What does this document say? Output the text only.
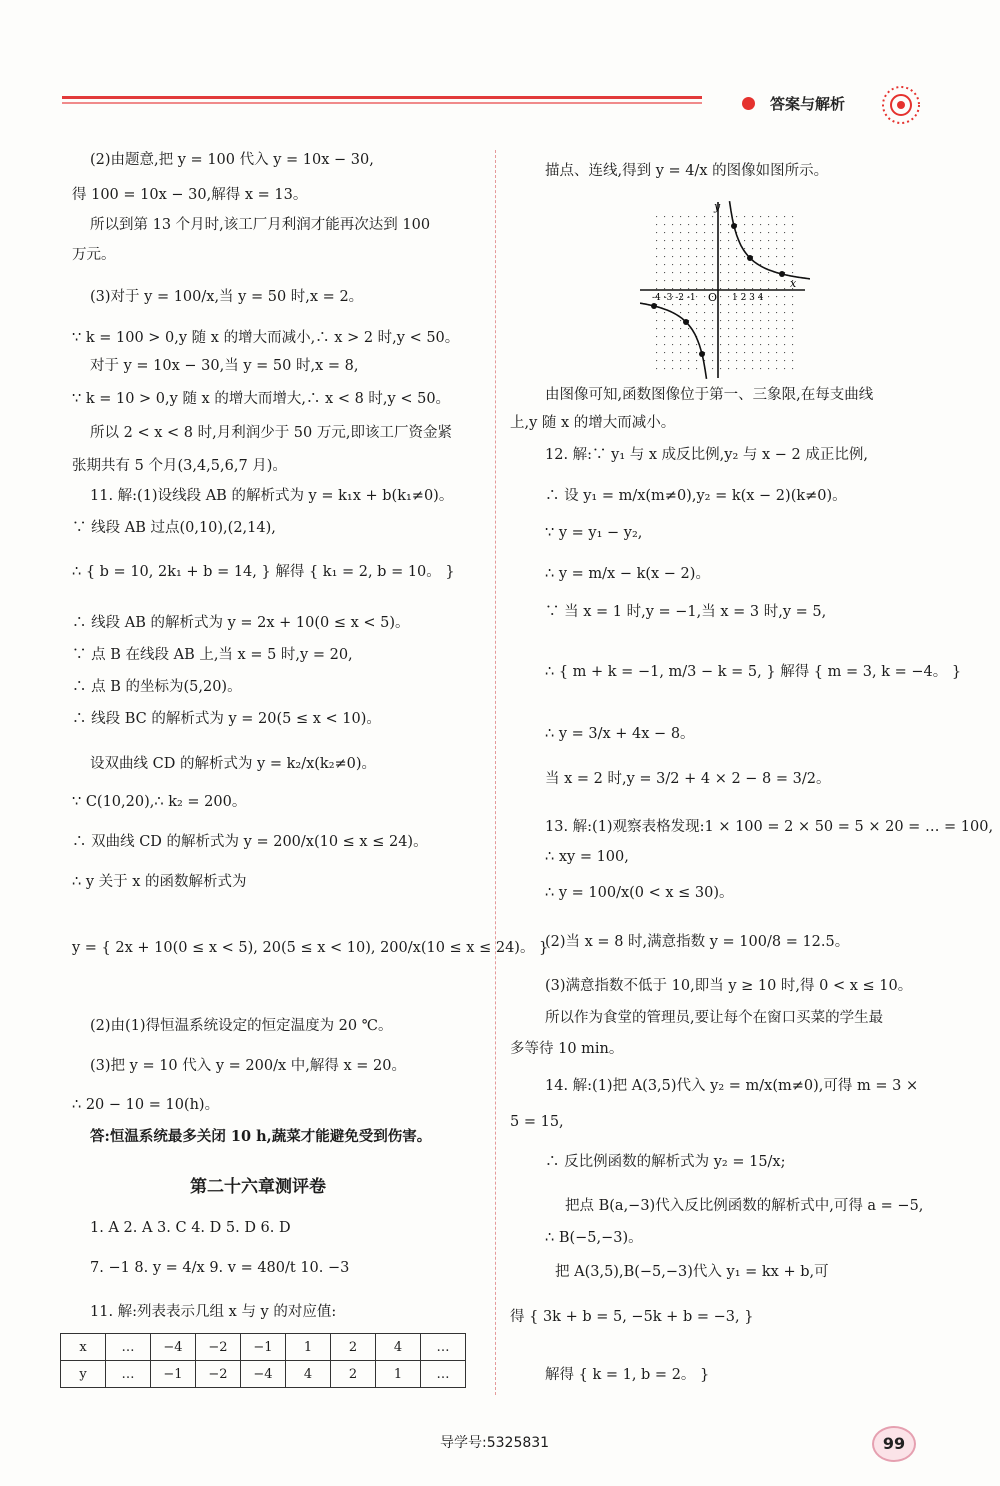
答案与解析
(2)由题意,把 y = 100 代入 y = 10x − 30,
得 100 = 10x − 30,解得 x = 13。
所以到第 13 个月时,该工厂月利润才能再次达到 100
万元。
(3)对于 y = 100/x,当 y = 50 时,x = 2。
∵ k = 100 > 0,y 随 x 的增大而减小,∴ x > 2 时,y < 50。
对于 y = 10x − 30,当 y = 50 时,x = 8,
∵ k = 10 > 0,y 随 x 的增大而增大,∴ x < 8 时,y < 50。
所以 2 < x < 8 时,月利润少于 50 万元,即该工厂资金紧
张期共有 5 个月(3,4,5,6,7 月)。
11. 解:(1)设线段 AB 的解析式为 y = k₁x + b(k₁≠0)。
∵ 线段 AB 过点(0,10),(2,14),
∴ { b = 10, 2k₁ + b = 14, } 解得 { k₁ = 2, b = 10。 }
∴ 线段 AB 的解析式为 y = 2x + 10(0 ≤ x < 5)。
∵ 点 B 在线段 AB 上,当 x = 5 时,y = 20,
∴ 点 B 的坐标为(5,20)。
∴ 线段 BC 的解析式为 y = 20(5 ≤ x < 10)。
设双曲线 CD 的解析式为 y = k₂/x(k₂≠0)。
∵ C(10,20),∴ k₂ = 200。
∴ 双曲线 CD 的解析式为 y = 200/x(10 ≤ x ≤ 24)。
∴ y 关于 x 的函数解析式为
y = { 2x + 10(0 ≤ x < 5), 20(5 ≤ x < 10), 200/x(10 ≤ x ≤ 24)。 }
(2)由(1)得恒温系统设定的恒定温度为 20 ℃。
(3)把 y = 10 代入 y = 200/x 中,解得 x = 20。
∴ 20 − 10 = 10(h)。
答:恒温系统最多关闭 10 h,蔬菜才能避免受到伤害。
第二十六章测评卷
1. A 2. A 3. C 4. D 5. D 6. D
7. −1 8. y = 4/x 9. v = 480/t 10. −3
11. 解:列表表示几组 x 与 y 的对应值:
x	…	−4	−2	−1	1	2	4	…
y	…	−1	−2	−4	4	2	1	…
描点、连线,得到 y = 4/x 的图像如图所示。
由图像可知,函数图像位于第一、三象限,在每支曲线
上,y 随 x 的增大而减小。
12. 解:∵ y₁ 与 x 成反比例,y₂ 与 x − 2 成正比例,
∴ 设 y₁ = m/x(m≠0),y₂ = k(x − 2)(k≠0)。
∵ y = y₁ − y₂,
∴ y = m/x − k(x − 2)。
∵ 当 x = 1 时,y = −1,当 x = 3 时,y = 5,
∴ { m + k = −1, m/3 − k = 5, } 解得 { m = 3, k = −4。 }
∴ y = 3/x + 4x − 8。
当 x = 2 时,y = 3/2 + 4 × 2 − 8 = 3/2。
13. 解:(1)观察表格发现:1 × 100 = 2 × 50 = 5 × 20 = … = 100,
∴ xy = 100,
∴ y = 100/x(0 < x ≤ 30)。
(2)当 x = 8 时,满意指数 y = 100/8 = 12.5。
(3)满意指数不低于 10,即当 y ≥ 10 时,得 0 < x ≤ 10。
所以作为食堂的管理员,要让每个在窗口买菜的学生最
多等待 10 min。
14. 解:(1)把 A(3,5)代入 y₂ = m/x(m≠0),可得 m = 3 ×
5 = 15,
∴ 反比例函数的解析式为 y₂ = 15/x;
把点 B(a,−3)代入反比例函数的解析式中,可得 a = −5,
∴ B(−5,−3)。
把 A(3,5),B(−5,−3)代入 y₁ = kx + b,可
得 { 3k + b = 5, −5k + b = −3, }
解得 { k = 1, b = 2。 }
x
y
O 1 2 3 4
-4 -3 -2 -1
导学号:5325831	99
